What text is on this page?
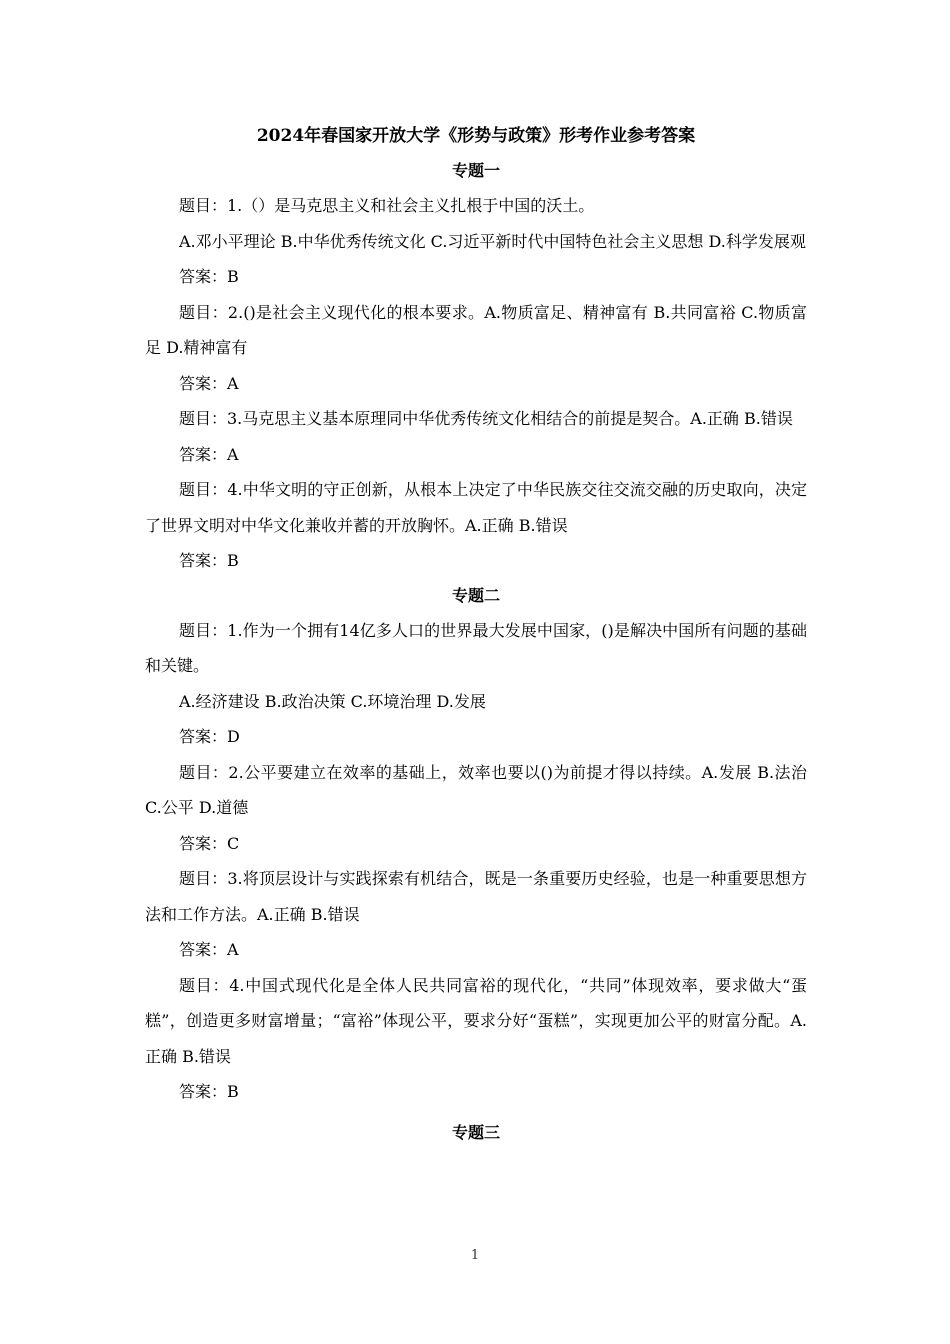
2024年春国家开放大学《形势与政策》形考作业参考答案
专题一

题目：1.（）是马克思主义和社会主义扎根于中国的沃土。

A.邓小平理论 B.中华优秀传统文化 C.习近平新时代中国特色社会主义思想 D.科学发展观

答案：B

题目：2.()是社会主义现代化的根本要求。A.物质富足、精神富有 B.共同富裕 C.物质富足 D.精神富有

答案：A

题目：3.马克思主义基本原理同中华优秀传统文化相结合的前提是契合。A.正确 B.错误

答案：A

题目：4.中华文明的守正创新，从根本上决定了中华民族交往交流交融的历史取向，决定了世界文明对中华文化兼收并蓄的开放胸怀。A.正确 B.错误

答案：B

专题二

题目：1.作为一个拥有14亿多人口的世界最大发展中国家，()是解决中国所有问题的基础和关键。

A.经济建设 B.政治决策 C.环境治理 D.发展

答案：D

题目：2.公平要建立在效率的基础上，效率也要以()为前提才得以持续。A.发展 B.法治 C.公平 D.道德

答案：C

题目：3.将顶层设计与实践探索有机结合，既是一条重要历史经验，也是一种重要思想方法和工作方法。A.正确 B.错误

答案：A

题目：4.中国式现代化是全体人民共同富裕的现代化，“共同”体现效率，要求做大“蛋糕”，创造更多财富增量；“富裕”体现公平，要求分好“蛋糕”，实现更加公平的财富分配。A.正确 B.错误

答案：B

专题三
1
